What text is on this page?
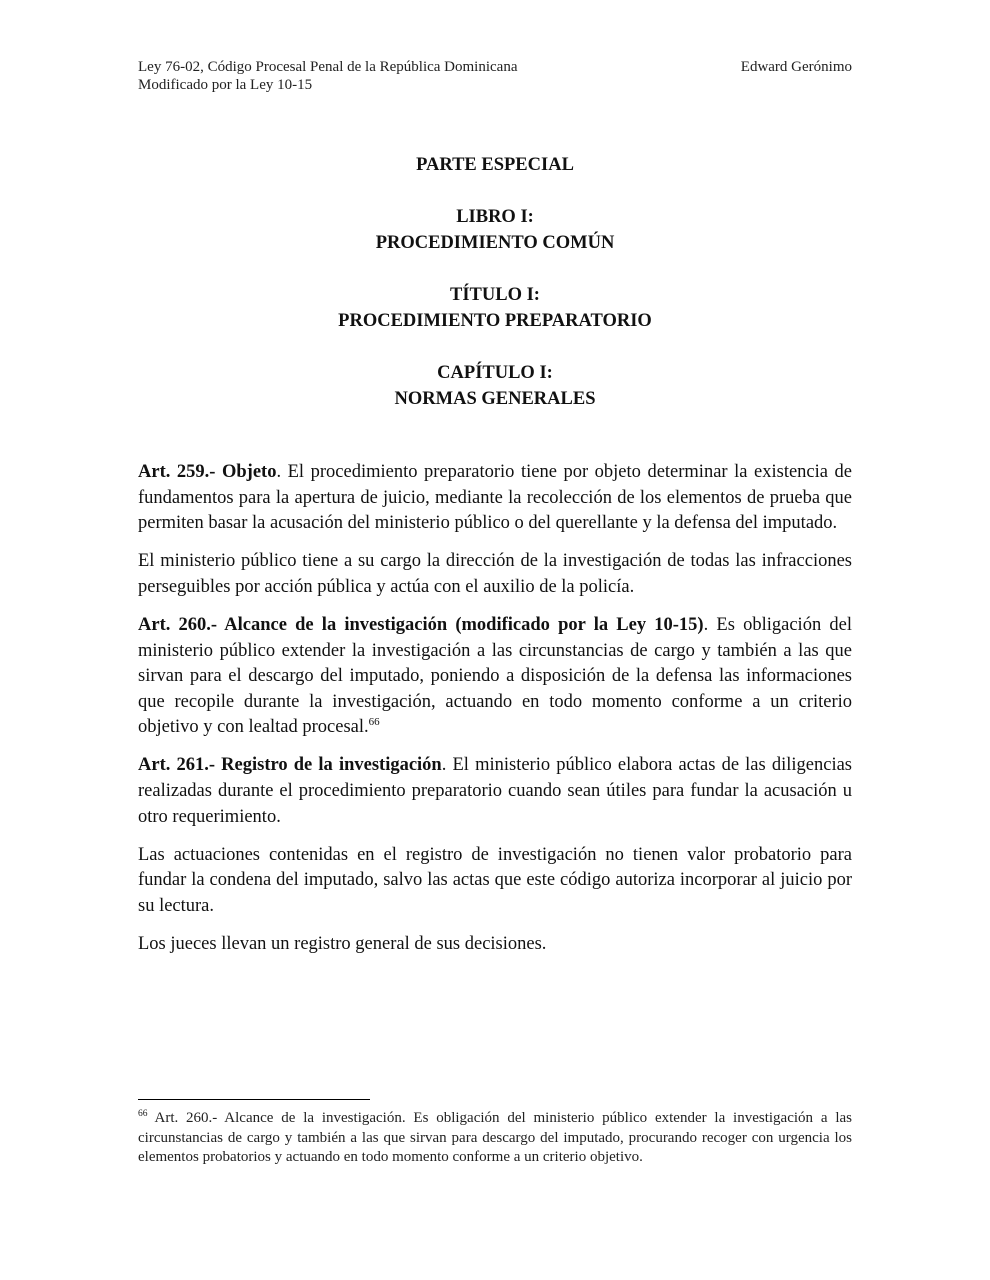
Ley 76-02, Código Procesal Penal de la República Dominicana
Modificado por la Ley 10-15
Edward Gerónimo
PARTE ESPECIAL
LIBRO I:
PROCEDIMIENTO COMÚN
TÍTULO I:
PROCEDIMIENTO PREPARATORIO
CAPÍTULO I:
NORMAS GENERALES

Art. 259.- Objeto. El procedimiento preparatorio tiene por objeto determinar la existencia de fundamentos para la apertura de juicio, mediante la recolección de los elementos de prueba que permiten basar la acusación del ministerio público o del querellante y la defensa del imputado.

El ministerio público tiene a su cargo la dirección de la investigación de todas las infracciones perseguibles por acción pública y actúa con el auxilio de la policía.

Art. 260.- Alcance de la investigación (modificado por la Ley 10-15). Es obligación del ministerio público extender la investigación a las circunstancias de cargo y también a las que sirvan para el descargo del imputado, poniendo a disposición de la defensa las informaciones que recopile durante la investigación, actuando en todo momento conforme a un criterio objetivo y con lealtad procesal.$^{66}$

Art. 261.- Registro de la investigación. El ministerio público elabora actas de las diligencias realizadas durante el procedimiento preparatorio cuando sean útiles para fundar la acusación u otro requerimiento.

Las actuaciones contenidas en el registro de investigación no tienen valor probatorio para fundar la condena del imputado, salvo las actas que este código autoriza incorporar al juicio por su lectura.

Los jueces llevan un registro general de sus decisiones.

$^{66}$ Art. 260.- Alcance de la investigación. Es obligación del ministerio público extender la investigación a las circunstancias de cargo y también a las que sirvan para descargo del imputado, procurando recoger con urgencia los elementos probatorios y actuando en todo momento conforme a un criterio objetivo.
